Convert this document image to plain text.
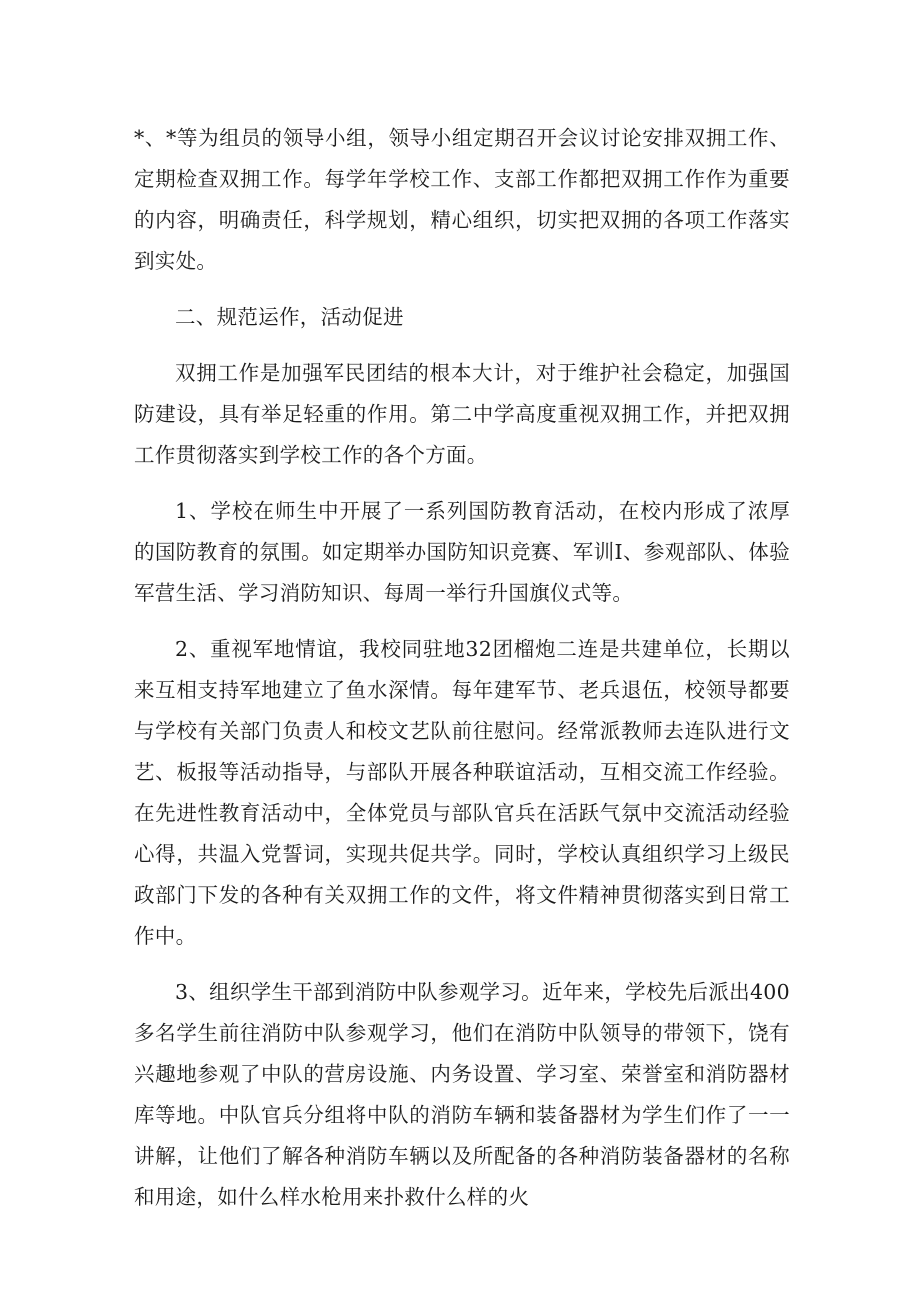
*、*等为组员的领导小组，领导小组定期召开会议讨论安排双拥工作、定期检查双拥工作。每学年学校工作、支部工作都把双拥工作作为重要的内容，明确责任，科学规划，精心组织，切实把双拥的各项工作落实到实处。

二、规范运作，活动促进

双拥工作是加强军民团结的根本大计，对于维护社会稳定，加强国防建设，具有举足轻重的作用。第二中学高度重视双拥工作，并把双拥工作贯彻落实到学校工作的各个方面。

1、学校在师生中开展了一系列国防教育活动，在校内形成了浓厚的国防教育的氛围。如定期举办国防知识竞赛、军训I、参观部队、体验军营生活、学习消防知识、每周一举行升国旗仪式等。

2、重视军地情谊，我校同驻地32团榴炮二连是共建单位，长期以来互相支持军地建立了鱼水深情。每年建军节、老兵退伍，校领导都要与学校有关部门负责人和校文艺队前往慰问。经常派教师去连队进行文艺、板报等活动指导，与部队开展各种联谊活动，互相交流工作经验。在先进性教育活动中，全体党员与部队官兵在活跃气氛中交流活动经验心得，共温入党誓词，实现共促共学。同时，学校认真组织学习上级民政部门下发的各种有关双拥工作的文件，将文件精神贯彻落实到日常工作中。

3、组织学生干部到消防中队参观学习。近年来，学校先后派出400多名学生前往消防中队参观学习，他们在消防中队领导的带领下，饶有兴趣地参观了中队的营房设施、内务设置、学习室、荣誉室和消防器材库等地。中队官兵分组将中队的消防车辆和装备器材为学生们作了一一讲解，让他们了解各种消防车辆以及所配备的各种消防装备器材的名称和用途，如什么样水枪用来扑救什么样的火
